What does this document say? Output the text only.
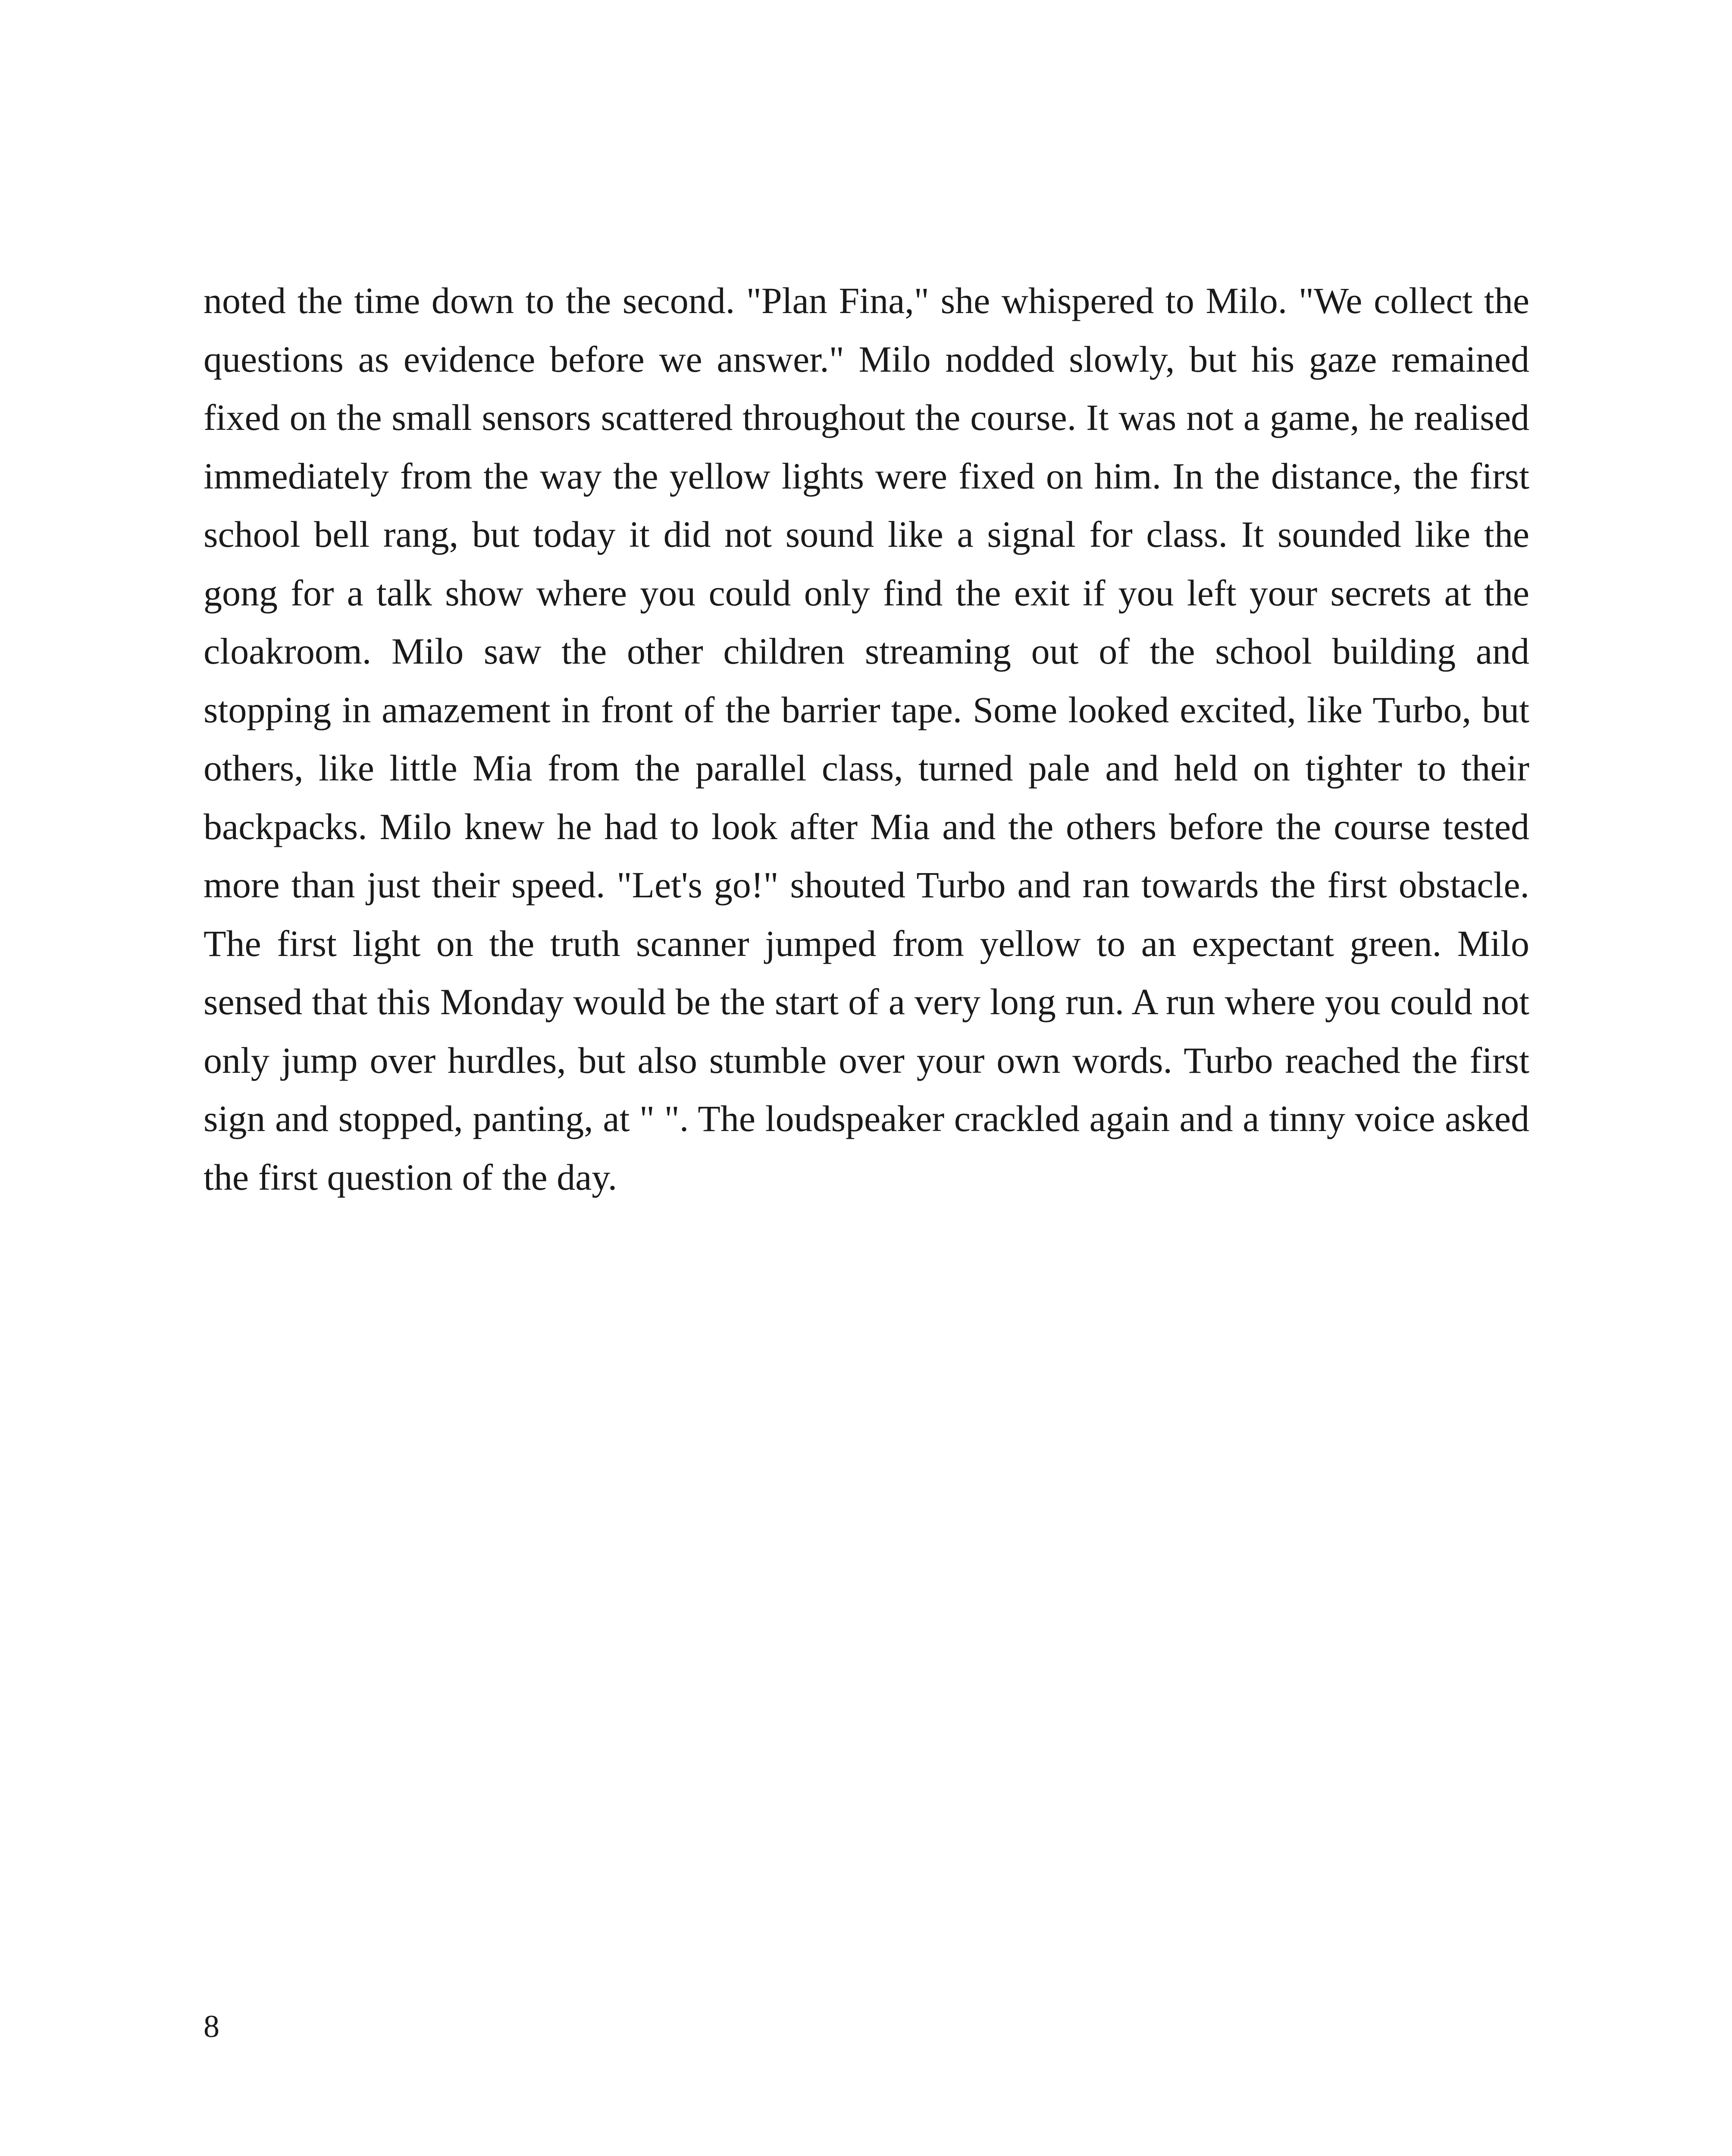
noted the time down to the second. "Plan Fina," she whispered to Milo. "We collect the questions as evidence before we answer." Milo nodded slowly, but his gaze remained fixed on the small sensors scattered throughout the course. It was not a game, he realised immediately from the way the yellow lights were fixed on him. In the distance, the first school bell rang, but today it did not sound like a signal for class. It sounded like the gong for a talk show where you could only find the exit if you left your secrets at the cloakroom. Milo saw the other children streaming out of the school building and stopping in amazement in front of the barrier tape. Some looked excited, like Turbo, but others, like little Mia from the parallel class, turned pale and held on tighter to their backpacks. Milo knew he had to look after Mia and the others before the course tested more than just their speed. "Let's go!" shouted Turbo and ran towards the first obstacle. The first light on the truth scanner jumped from yellow to an expectant green. Milo sensed that this Monday would be the start of a very long run. A run where you could not only jump over hurdles, but also stumble over your own words. Turbo reached the first sign and stopped, panting, at " ". The loudspeaker crackled again and a tinny voice asked the first question of the day.

8
